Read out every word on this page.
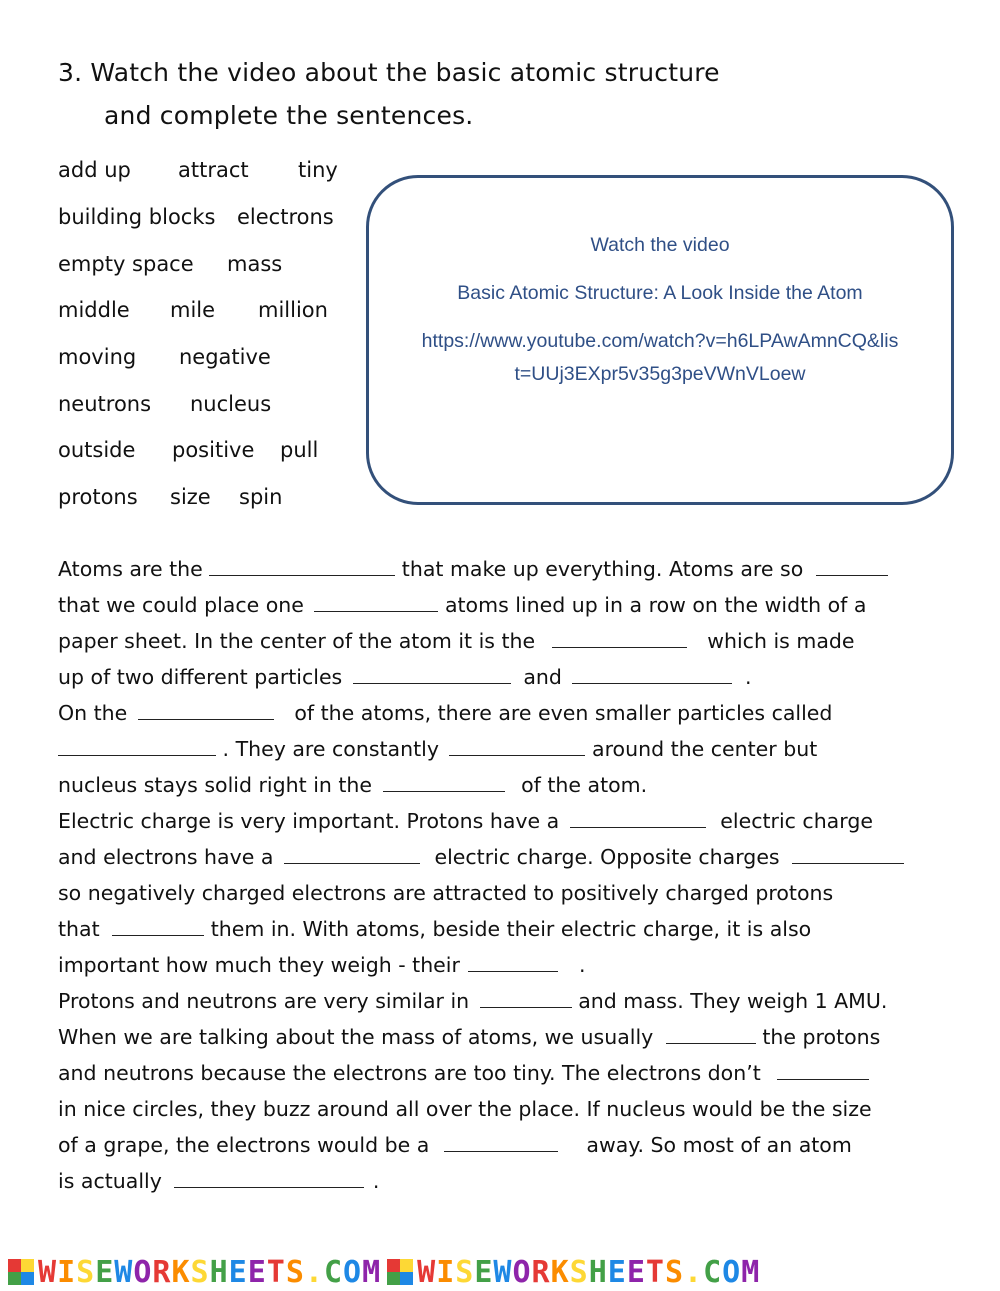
3. Watch the video about the basic atomic structure
and complete the sentences.
add up attract tiny
building blocks electrons
empty space mass
middle mile million
moving negative
neutrons nucleus
outside positive pull
protons size spin
Watch the video
Basic Atomic Structure: A Look Inside the Atom
https://www.youtube.com/watch?v=h6LPAwAmnCQ&lis
t=UUj3EXpr5v35g3peVWnVLoew
Atoms are the	that make up everything. Atoms are so
that we could place one	atoms lined up in a row on the width of a
paper sheet. In the center of the atom it is the	which is made
up of two different particles	and	.
On the	of the atoms, there are even smaller particles called
. They are constantly	around the center but
nucleus stays solid right in the	of the atom.
Electric charge is very important. Protons have a	electric charge
and electrons have a	electric charge. Opposite charges
so negatively charged electrons are attracted to positively charged protons
that	them in. With atoms, beside their electric charge, it is also
important how much they weigh - their	.
Protons and neutrons are very similar in	and mass. They weigh 1 AMU.
When we are talking about the mass of atoms, we usually	the protons
and neutrons because the electrons are too tiny. The electrons don’t
in nice circles, they buzz around all over the place. If nucleus would be the size
of a grape, the electrons would be a	away. So most of an atom
is actually	.
WISEWORKSHEETS.COM WISEWORKSHEETS.COM
